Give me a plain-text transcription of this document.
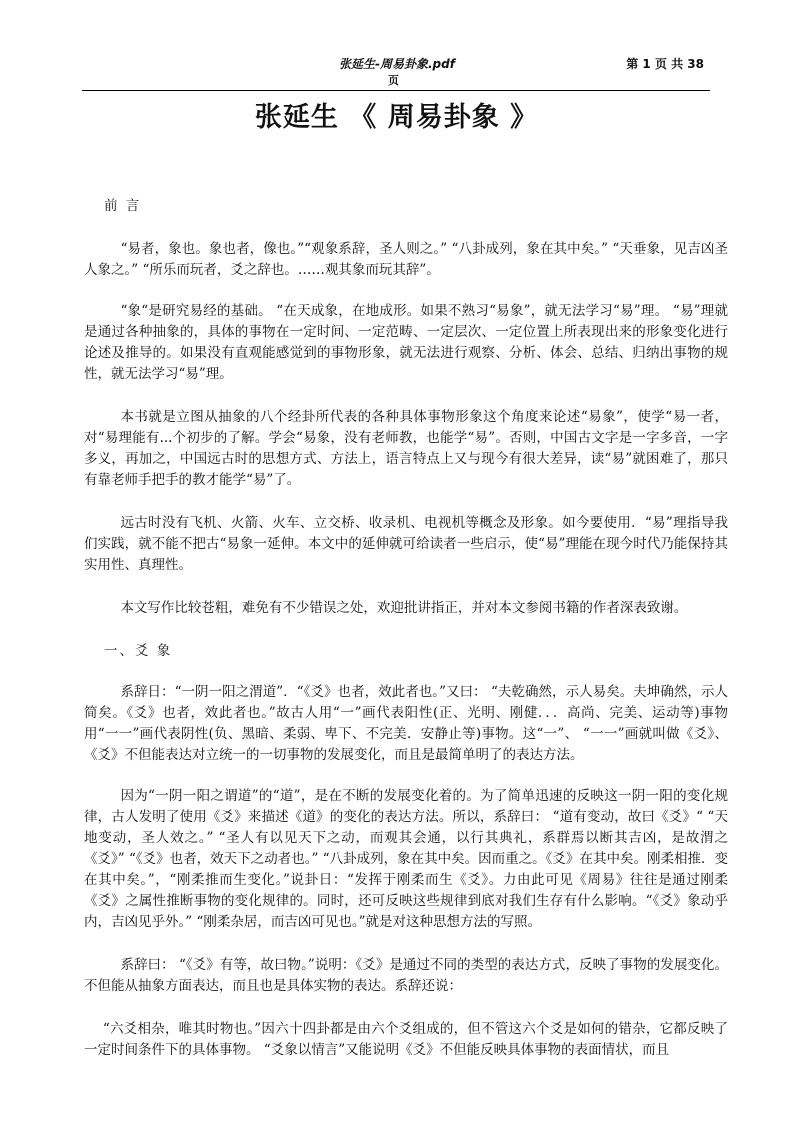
张延生-周易卦象.pdf	第 1 页 共 38
页
张延生 《 周易卦象 》

前 言

“易者，象也。象也者，像也。”“观象系辞，圣人则之。” “八卦成列，象在其中矣。” “天垂象，见吉凶圣人象之。” “所乐而玩者，爻之辞也。……观其象而玩其辞”。

“象“是研究易经的基础。 “在天成象，在地成形。如果不熟习“易象”，就无法学习“易”理。 “易”理就是通过各种抽象的，具体的事物在一定时间、一定范畴、一定层次、一定位置上所表现出来的形象变化进行论述及推导的。如果没有直观能感觉到的事物形象，就无法进行观察、分析、体会、总结、归纳出事物的规性，就无法学习“易”理。

本书就是立图从抽象的八个经卦所代表的各种具体事物形象这个角度来论述“易象”，使学“易一者，对“易理能有...个初步的了解。学会“易象，没有老师教，也能学“易”。否则，中国古文字是一字多音，一字多义，再加之，中国远古时的思想方式、方法上，语言特点上又与现今有很大差异，读“易”就困难了，那只有靠老师手把手的教才能学“易”了。

远古时没有飞机、火箭、火车、立交桥、收录机、电视机等概念及形象。如今要使用．“易”理指导我们实践，就不能不把古“易象一延伸。本文中的延伸就可给读者一些启示，使“易”理能在现今时代乃能保持其实用性、真理性。

本文写作比较苍粗，难免有不少错误之处，欢迎批讲指正，并对本文参阅书籍的作者深表致谢。

一、爻 象

系辞日：“一阴一阳之渭道”．“《爻》也者，效此者也。”又曰： “夫乾确然，示人易矣。夫坤确然，示人简矣。《爻》也者，效此者也。”故古人用“一”画代表阳性(正、光明、刚健．．．高尚、完美、运动等)事物用“一一”画代表阴性(负、黑暗、柔弱、卑下、不完美．安静止等)事物。这“一”、 “一一”画就叫做《爻》、《爻》不但能表达对立统一的一切事物的发展变化，而且是最简单明了的表达方法。

因为“一阴一阳之谓道”的“道”，是在不断的发展变化着的。为了简单迅速的反映这一阴一阳的变化规律，古人发明了使用《爻》来描述《道》的变化的表达方法。所以，系辞曰： “道有变动，故曰《爻》“ “天地变动，圣人效之。” “圣人有以见天下之动，而观其会通，以行其典礼，系群焉以断其吉凶，是故渭之《爻》” “《爻》也者，效天下之动者也。” “八卦成列，象在其中矣。因而重之。《爻》在其中矣。刚柔相推．变在其中矣。”，“刚柔推而生变化。”说卦日：“发挥于刚柔而生《爻》。力由此可见《周易》往往是通过刚柔《爻》之属性推断事物的变化规律的。同时，还可反映这些规律到底对我们生存有什么影响。“《爻》象动乎内，吉凶见乎外。” “刚柔杂居，而吉凶可见也。”就是对这种思想方法的写照。

系辞曰： “《爻》有等，故曰物。”说明：《爻》是通过不同的类型的表达方式，反映了事物的发展变化。不但能从抽象方面表达，而且也是具体实物的表达。系辞还说：

“六爻相杂，唯其时物也。”因六十四卦都是由六个爻组成的，但不管这六个爻是如何的错杂，它都反映了一定时间条件下的具体事物。 “爻象以情言”又能说明《爻》不但能反映具体事物的表面情状，而且
